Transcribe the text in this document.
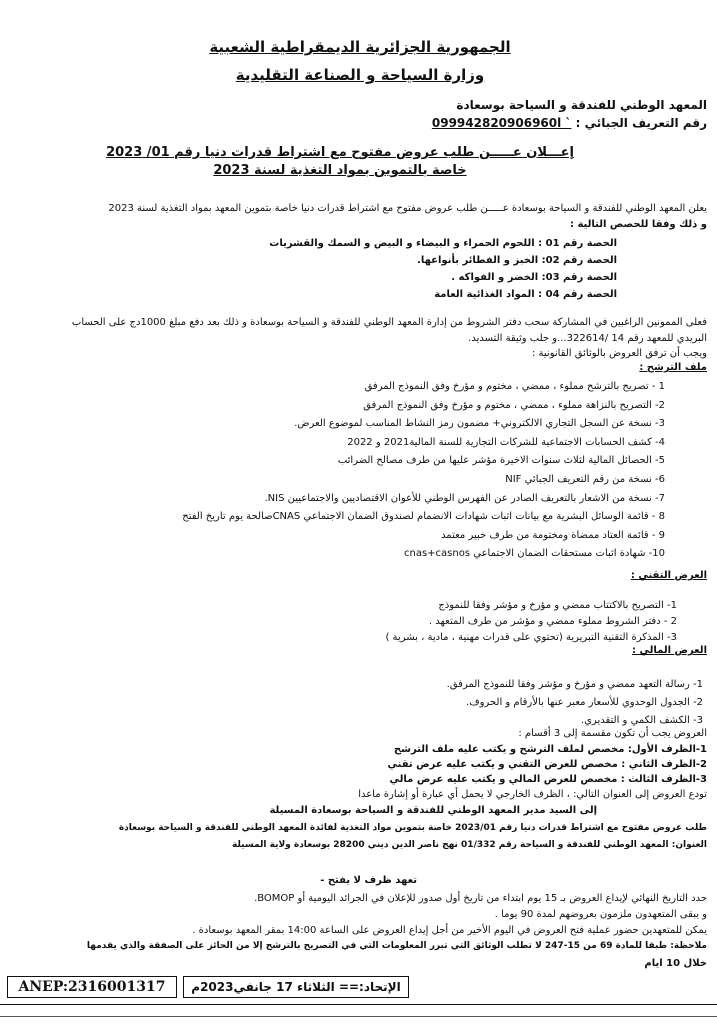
الجمهورية الجزائرية الديمقراطية الشعبية
وزارة السياحة و الصناعة التقليدية
المعهد الوطني للفندقة و السياحة بوسعادة
رقم التعريف الجبائي : 099942820906960l `
إعـــلان عـــــن طلب عروض مفتوح مع اشتراط قدرات دنيا رقم 01/ 2023
خاصة بالتموين بمواد التغذية لسنة 2023
يعلن المعهد الوطني للفندقة و السياحة بوسعادة عـــــن طلب عروض مفتوح مع اشتراط قدرات دنيا خاصة بتموين المعهد بمواد التغذية لسنة 2023
و ذلك وفقا للحصص التالية :
الحصة رقم 01 : اللحوم الحمراء و البيضاء و البيض و السمك والقشريات
الحصة رقم 02: الخبز و الفطائر بأنواعها.
الحصة رقم 03: الخضر و الفواكه .
الحصة رقم 04 : المواد الغذائية العامة
فعلى الممونين الراغبين في المشاركة سحب دفتر الشروط من إدارة المعهد الوطني للفندقة و السياحة بوسعادة و ذلك بعد دفع مبلغ 1000دج على الحساب
البريدي للمعهد رقم 14 /322614...و جلب وثيقة التسديد.
ويجب أن ترفق العروض بالوثائق القانونية :
ملف الترشح :
1 - تصريح بالترشح مملوء ، ممضي ، مختوم و مؤرخ وفق النموذج المرفق
2- التصريح بالنزاهة مملوء ، ممضي ، مختوم و مؤرخ وفق النموذج المرفق
3- نسخة عن السجل التجاري الالكتروني+ مضمون رمز النشاط المناسب لموضوع العرض.
4- كشف الحسابات الاجتماعية للشركات التجارية للسنة المالية2021 و 2022
5- الحصائل المالية لثلاث سنوات الاخيرة مؤشر عليها من طرف مصالح الضرائب
6- نسخة من رقم التعريف الجبائي NIF
7- نسخة من الاشعار بالتعريف الصادر عن الفهرس الوطني للأعوان الاقتصاديين والاجتماعيين NIS.
8 - قائمة الوسائل البشرية مع بيانات اثبات شهادات الانضمام لصندوق الضمان الاجتماعي CNASصالحة يوم تاريخ الفتح
9 - قائمة العتاد ممضاة ومختومة من طرف خبير معتمد
10- شهادة اثبات مستحقات الضمان الاجتماعي cnas+casnos
العرض التقني :
1- التصريح بالاكتتاب ممضي و مؤرخ و مؤشر وفقا للنموذج
2 - دفتر الشروط مملوء ممضي و مؤشر من طرف المتعهد .
3- المذكرة التقنية التبريرية (تحتوي على قدرات مهنية ، مادية ، بشرية )
العرض المالي :
1- رسالة التعهد ممضي و مؤرخ و مؤشر وفقا للنموذج المرفق.
2- الجدول الوحدوي للأسعار معبر عنها بالأرقام و الحروف.
3- الكشف الكمي و التقديري.
العروض يجب أن تكون مقسمة إلى 3 أقسام :
1-الظرف الأول: مخصص لملف الترشح و يكتب عليه ملف الترشح
2-الظرف الثاني : مخصص للعرض التقني و يكتب عليه عرض تقني
3-الظرف الثالث : مخصص للعرض المالي و يكتب عليه عرض مالي
تودع العروض إلى العنوان التالي: ، الظرف الخارجي لا يحمل أي عبارة أو إشارة ماعدا
إلى السيد مدير المعهد الوطني للفندقة و السياحة بوسعادة المسيلة
طلب عروض مفتوح مع اشتراط قدرات دنيا رقم 2023/01 خاصة بتموين مواد التغذية لفائدة المعهد الوطني للفندقة و السياحة بوسعادة
العنوان: المعهد الوطني للفندقة و السياحة رقم 01/332 نهج ناصر الدين ديني 28200 بوسعادة ولاية المسيلة
تعهد ظرف لا يفتح -
حدد التاريخ النهائي لإيداع العروض بـ 15 يوم ابتداء من تاريخ أول صدور للإعلان في الجرائد اليومية أو BOMOP.
و يبقى المتعهدون ملزمون بعروضهم لمدة 90 يوما .
يمكن للمتعهدين حضور عملية فتح العروض في اليوم الأخير من أجل إيداع العروض على الساعة 14:00 بمقر المعهد بوسعادة .
ملاحظة: طبقا للمادة 69 من 15-247 لا تطلب الوثائق التي تبرر المعلومات التي في التصريح بالترشح إلا من الحائز على الصفقة والذي يقدمها
خلال 10 ايام
ANEP:2316001317 الإتحاد:== الثلاثاء 17 جانفي2023م
